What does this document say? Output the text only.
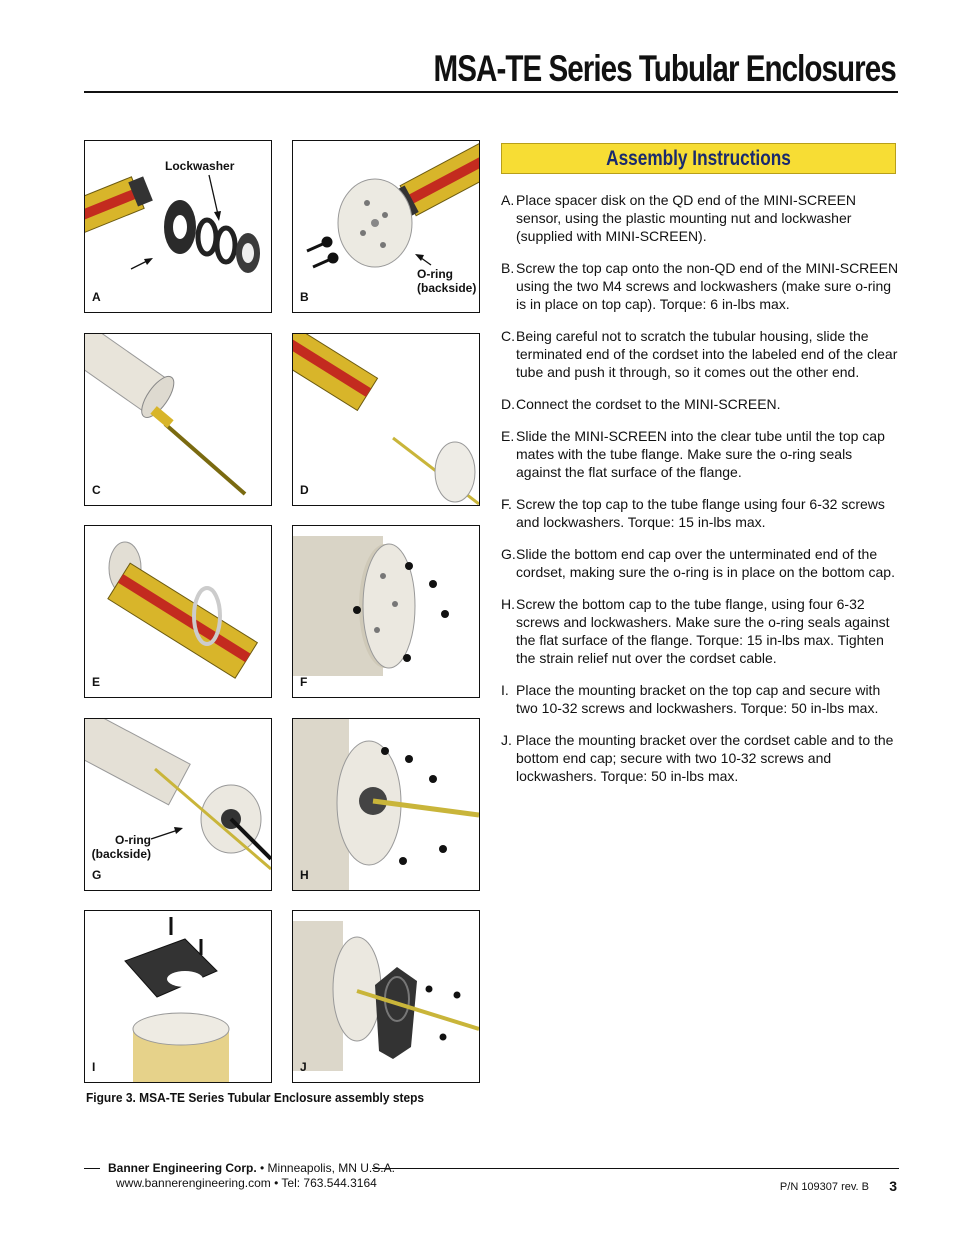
MSA-TE Series Tubular Enclosures
Lockwasher
A
O-ring
(backside)
B
C	D
E	F
O-ring
(backside)
G	H
I	J
Figure 3. MSA-TE Series Tubular Enclosure assembly steps
Assembly Instructions
A. Place spacer disk on the QD end of the MINI-SCREEN sensor, using the plastic mounting nut and lockwasher (supplied with MINI-SCREEN).
B. Screw the top cap onto the non-QD end of the MINI-SCREEN using the two M4 screws and lockwashers (make sure o-ring is in place on top cap). Torque: 6 in-lbs max.
C. Being careful not to scratch the tubular housing, slide the terminated end of the cordset into the labeled end of the clear tube and push it through, so it comes out the other end.
D. Connect the cordset to the MINI-SCREEN.
E. Slide the MINI-SCREEN into the clear tube until the top cap mates with the tube flange. Make sure the o-ring seals against the flat surface of the flange.
F. Screw the top cap to the tube flange using four 6-32 screws and lockwashers. Torque: 15 in-lbs max.
G. Slide the bottom end cap over the unterminated end of the cordset, making sure the o-ring is in place on the bottom cap.
H. Screw the bottom cap to the tube flange, using four 6-32 screws and lockwashers. Make sure the o-ring seals against the flat surface of the flange. Torque: 15 in-lbs max. Tighten the strain relief nut over the cordset cable.
I. Place the mounting bracket on the top cap and secure with two 10-32 screws and lockwashers. Torque: 50 in-lbs max.
J. Place the mounting bracket over the cordset cable and to the bottom end cap; secure with two 10-32 screws and lockwashers. Torque: 50 in-lbs max.
Banner Engineering Corp. • Minneapolis, MN U.S.A.
www.bannerengineering.com • Tel: 763.544.3164	P/N 109307 rev. B 3
